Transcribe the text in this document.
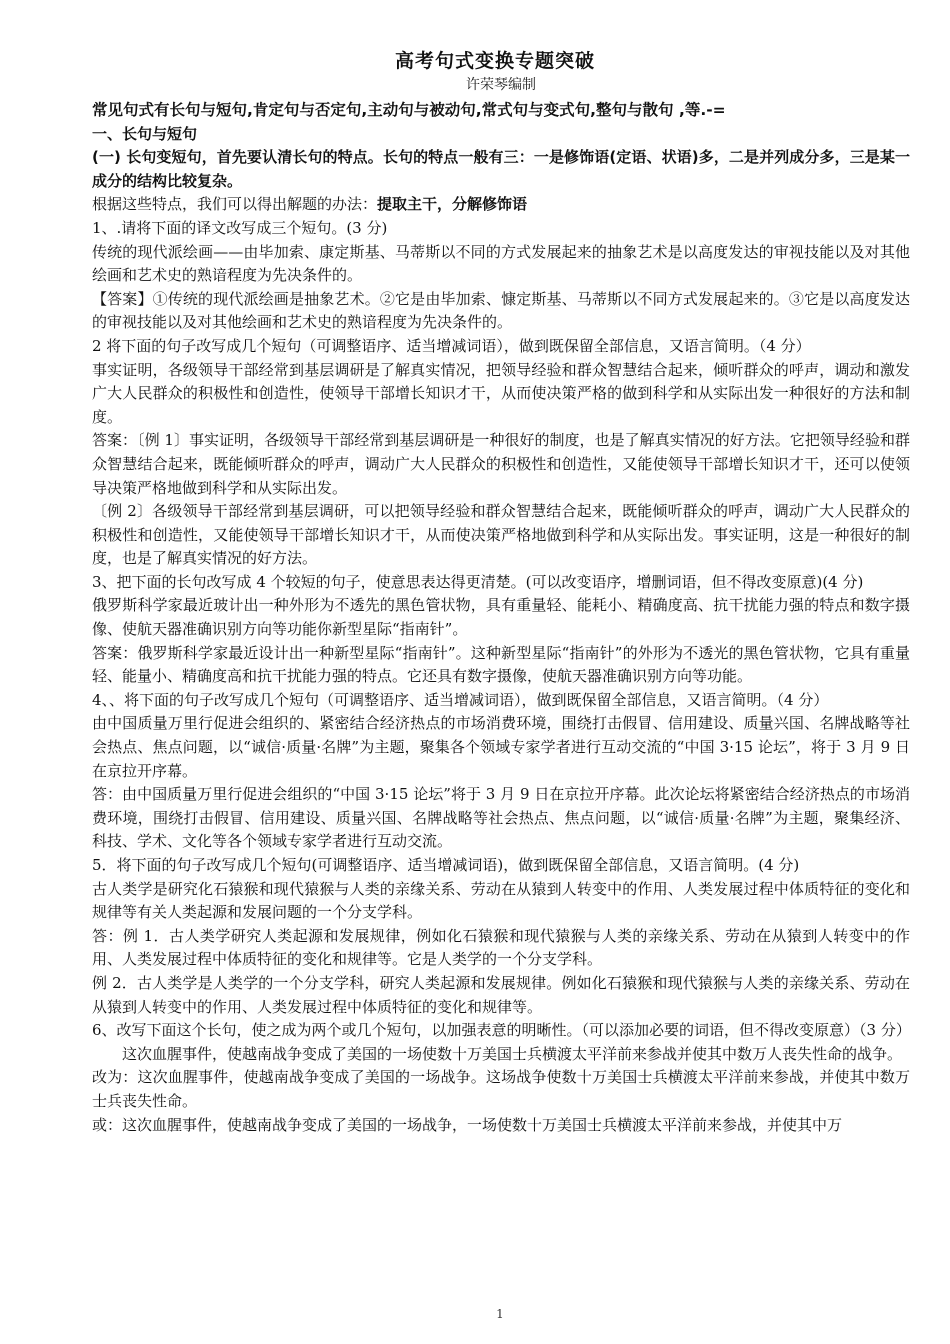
高考句式变换专题突破
许荣琴编制

常见句式有长句与短句,肯定句与否定句,主动句与被动句,常式句与变式句,整句与散句 ,等.-=

一、长句与短句

(一) 长句变短句，首先要认清长句的特点。长句的特点一般有三：一是修饰语(定语、状语)多，二是并列成分多，三是某一成分的结构比较复杂。

根据这些特点，我们可以得出解题的办法：提取主干，分解修饰语

1、.请将下面的译文改写成三个短句。(3 分)

传统的现代派绘画——由毕加索、康定斯基、马蒂斯以不同的方式发展起来的抽象艺术是以高度发达的审视技能以及对其他绘画和艺术史的熟谙程度为先决条件的。

【答案】①传统的现代派绘画是抽象艺术。②它是由毕加索、慷定斯基、马蒂斯以不同方式发展起来的。③它是以高度发达的审视技能以及对其他绘画和艺术史的熟谙程度为先决条件的。

2 将下面的句子改写成几个短句（可调整语序、适当增减词语），做到既保留全部信息，又语言简明。（4 分）

事实证明，各级领导干部经常到基层调研是了解真实情况，把领导经验和群众智慧结合起来，倾听群众的呼声，调动和激发广大人民群众的积极性和创造性，使领导干部增长知识才干，从而使决策严格的做到科学和从实际出发一种很好的方法和制度。

答案：〔例 1〕事实证明，各级领导干部经常到基层调研是一种很好的制度，也是了解真实情况的好方法。它把领导经验和群众智慧结合起来，既能倾听群众的呼声，调动广大人民群众的积极性和创造性，又能使领导干部增长知识才干，还可以使领导决策严格地做到科学和从实际出发。

〔例 2〕各级领导干部经常到基层调研，可以把领导经验和群众智慧结合起来，既能倾听群众的呼声，调动广大人民群众的积极性和创造性，又能使领导干部增长知识才干，从而使决策严格地做到科学和从实际出发。事实证明，这是一种很好的制度，也是了解真实情况的好方法。

3、把下面的长句改写成 4 个较短的句子，使意思表达得更清楚。(可以改变语序，增删词语，但不得改变原意)(4 分)

俄罗斯科学家最近玻计出一种外形为不透先的黑色管状物，具有重量轻、能耗小、精确度高、抗干扰能力强的特点和数字摄像、使航天器准确识别方向等功能你新型星际“指南针”。

答案：俄罗斯科学家最近设计出一种新型星际“指南针”。这种新型星际“指南针”的外形为不透光的黑色管状物，它具有重量轻、能量小、精确度高和抗干扰能力强的特点。它还具有数字摄像，使航天器准确识别方向等功能。

4、、将下面的句子改写成几个短句（可调整语序、适当增减词语），做到既保留全部信息，又语言简明。（4 分）

由中国质量万里行促进会组织的、紧密结合经济热点的市场消费环境，围绕打击假冒、信用建设、质量兴国、名牌战略等社会热点、焦点问题，以“诚信·质量·名牌”为主题，聚集各个领域专家学者进行互动交流的“中国 3·15 论坛”，将于 3 月 9 日在京拉开序幕。

答：由中国质量万里行促进会组织的“中国 3·15 论坛”将于 3 月 9 日在京拉开序幕。此次论坛将紧密结合经济热点的市场消费环境，围绕打击假冒、信用建设、质量兴国、名牌战略等社会热点、焦点问题，以“诚信·质量·名牌”为主题，聚集经济、科技、学术、文化等各个领域专家学者进行互动交流。

5．将下面的句子改写成几个短句(可调整语序、适当增减词语)，做到既保留全部信息，又语言简明。(4 分)

古人类学是研究化石猿猴和现代猿猴与人类的亲缘关系、劳动在从猿到人转变中的作用、人类发展过程中体质特征的变化和规律等有关人类起源和发展问题的一个分支学科。

答：例 1．古人类学研究人类起源和发展规律，例如化石猿猴和现代猿猴与人类的亲缘关系、劳动在从猿到人转变中的作用、人类发展过程中体质特征的变化和规律等。它是人类学的一个分支学科。

例 2．古人类学是人类学的一个分支学科，研究人类起源和发展规律。例如化石猿猴和现代猿猴与人类的亲缘关系、劳动在从猿到人转变中的作用、人类发展过程中体质特征的变化和规律等。

6、改写下面这个长句，使之成为两个或几个短句，以加强表意的明晰性。（可以添加必要的词语，但不得改变原意）（3 分）

这次血腥事件，使越南战争变成了美国的一场使数十万美国士兵横渡太平洋前来参战并使其中数万人丧失性命的战争。

改为：这次血腥事件，使越南战争变成了美国的一场战争。这场战争使数十万美国士兵横渡太平洋前来参战，并使其中数万士兵丧失性命。

或：这次血腥事件，使越南战争变成了美国的一场战争，一场使数十万美国士兵横渡太平洋前来参战，并使其中万

1
